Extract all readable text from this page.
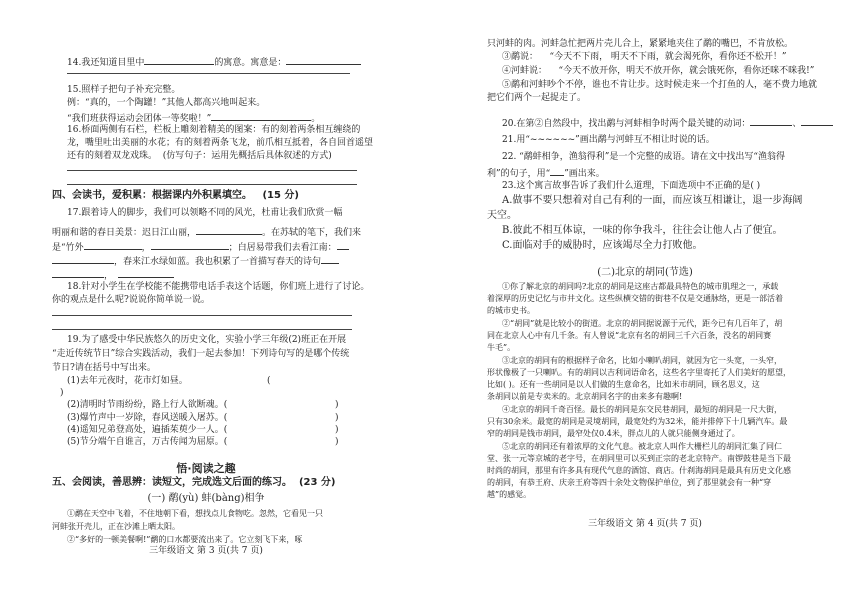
14.我还知道目里中	的寓意。寓意是：
15.照样子把句子补充完整。
例：“真的，一个陶罐！”其他人都高兴地叫起来。
“我们班获得运动会团体一等奖啦！”	。
16.桥面两侧有石栏，栏板上雕刻着精美的图案：有的刻着两条相互缠绕的
龙，嘴里吐出美丽的水花；有的刻着两条飞龙，前爪相互抵着，各自回首遥望
还有的刻着双龙戏珠。 (仿写句子：运用先概括后具体叙述的方式)
四、会读书，爱积累：根据课内外积累填空。 (15 分)
17.跟着诗人的脚步，我们可以领略不同的风光，杜甫让我们欣赏一幅
明丽和谐的春日美景：迟日江山丽，	。在苏轼的笔下，我们来
是“竹外	，	；白居易带我们去看江南：
，春来江水绿如蓝。我也积累了一首描写春天的诗句
，
18.针对小学生在学校能不能携带电话手表这个话题，你们班上进行了讨论。
你的观点是什么呢?说说你简单说一说。
19.为了感受中华民族悠久的历史文化，实验小学三年级(2)班正在开展
“走近传统节日”综合实践活动，我们一起去参加！下列诗句写的是哪个传统
节日?请在括号中写出来。
(1)去年元夜时，花市灯如昼。	(
)
(2)清明时节雨纷纷，路上行人欲断魂。(	)
(3)爆竹声中一岁除，春风送暖入屠苏。(	)
(4)遥知兄弟登高处，遍插茱萸少一人。(	)
(5)节分端午自谁言，万古传闻为屈原。(	)
悟·阅读之趣
五、会阅读，善思辨：读短文，完成选文后面的练习。 (23 分)
(一) 鹬(yù) 蚌(bàng)相争
①鹬在天空中飞着，不住地朝下看，想找点儿食物吃。忽然，它看见一只
河蚌张开壳儿，正在沙滩上晒太阳。
②“多好的一顿美餐啊!”鹬的口水都要流出来了。它立刻飞下来，啄
三年级语文 第 3 页(共 7 页)
只河蚌的肉。河蚌急忙把两片壳儿合上，紧紧地夹住了鹬的嘴巴，不肯放松。
③鹬说： “今天不下雨， 明天不下雨，就会渴死你，看你还不松开！”
④河蚌说： “今天不放开你，明天不放开你，就会饿死你，看你还咪不咪我!”
⑤鹬和河蚌吵个不停，谁也不肯让步。这时候走来一个打鱼的人，毫不费力地就
把它们两个一起捉走了。
20.在第②自然段中，找出鹬与河蚌相争时两个最关键的动词：	、
21.用“~~~~~~”画出鹬与河蚌互不相让时说的话。
22. “鹬蚌相争，渔翁得利”是一个完整的成语。请在文中找出写“渔翁得
利”的句子，用“ ”画出来。
23.这个寓言故事告诉了我们什么道理，下面选项中不正确的是( )
A.做事不要只想着对自己有利的一面，而应该互相谦让，退一步海阔
天空。
B.彼此不相互体谅，一味的你争我斗，往往会让他人占了便宜。
C.面临对手的威胁时，应该竭尽全力打败他。
(二)北京的胡同(节选)
①你了解北京的胡同吗?北京的胡同是这座古都最具特色的城市肌理之一，承载
着深厚的历史记忆与市井文化。这些纵横交错的街巷不仅是交通脉络，更是一部活着
的城市史书。
②“胡同”就是比较小的街道。北京的胡同据说源于元代，距今已有几百年了，胡
同在北京人心中有几千条。有人曾说“北京有名的胡同三千六百条，没名的胡同赛
牛毛”。
③北京的胡同有的根据样子命名，比如小喇叭胡同，就因为它一头宽，一头窄，
形状像极了一只喇叭。有的胡同以吉利词语命名，这些名字里寄托了人们美好的愿望，
比如( )。还有一些胡同是以人们做的生意命名，比如米市胡同，顾名思义，这
条胡同以前是专卖米的。北京胡同名字的由来多有趣啊!
④北京的胡同千奇百怪。最长的胡同是东交民巷胡同，最短的胡同是一尺大街，
只有30余米。最宽的胡同是灵境胡同，最宽处约为32米，能并排停下十几辆汽车。最
窄的胡同是钱市胡同，最窄处仅0.4米，胖点儿的人就只能侧身通过了。
⑤北京的胡同还有着浓厚的文化气息。被北京人叫作大栅栏儿的胡同汇集了同仁
堂、张一元等京城的老字号，在胡同里可以买到正宗的老北京特产。南锣鼓巷是当下最
时尚的胡同，那里有许多具有现代气息的酒馆、商店。什刹海胡同是最具有历史文化感
的胡同，有恭王府、庆亲王府等四十余处文物保护单位，到了那里就会有一种“穿
越”的感觉。
三年级语文 第 4 页(共 7 页)
